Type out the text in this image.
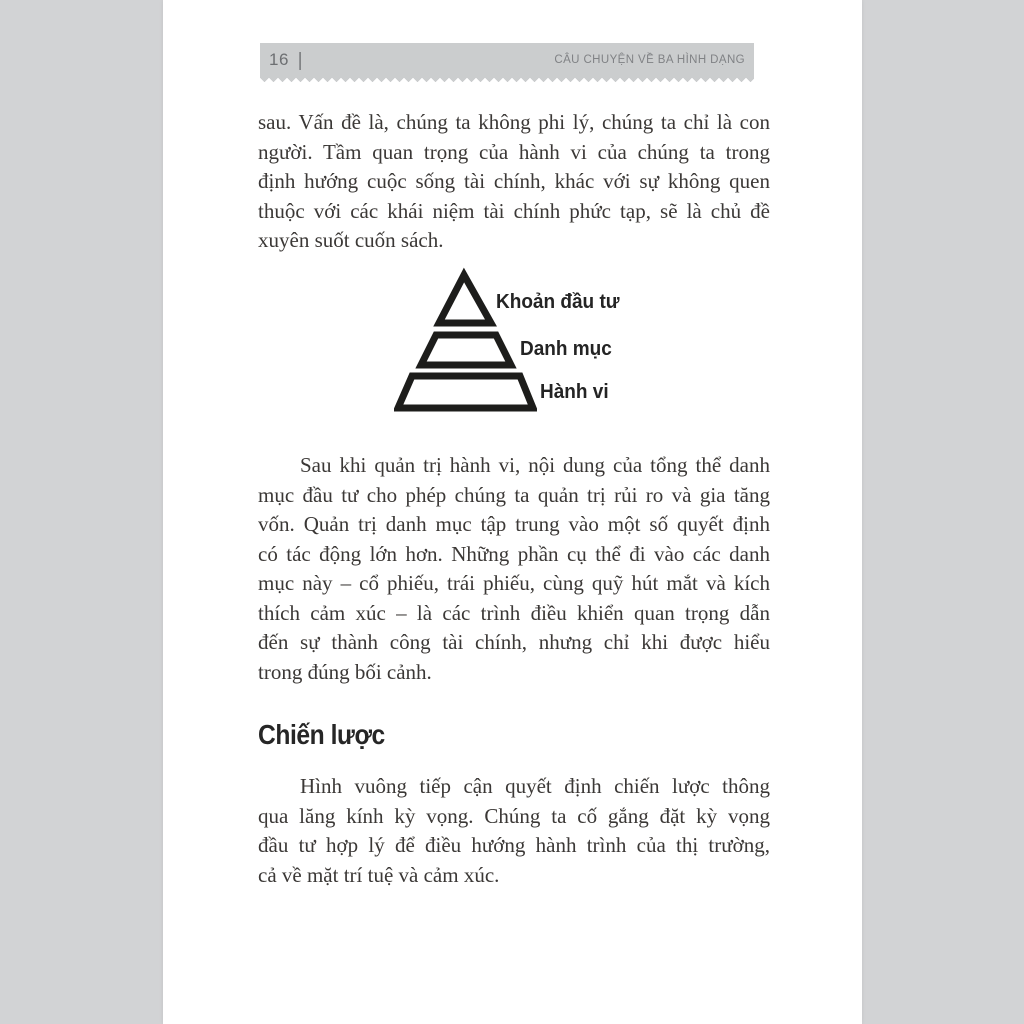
16 |	CÂU CHUYỆN VỀ BA HÌNH DẠNG
sau. Vấn đề là, chúng ta không phi lý, chúng ta chỉ là con
người. Tầm quan trọng của hành vi của chúng ta trong
định hướng cuộc sống tài chính, khác với sự không quen
thuộc với các khái niệm tài chính phức tạp, sẽ là chủ đề
xuyên suốt cuốn sách.
Khoản đầu tư
Danh mục
Hành vi
Sau khi quản trị hành vi, nội dung của tổng thể danh
mục đầu tư cho phép chúng ta quản trị rủi ro và gia tăng
vốn. Quản trị danh mục tập trung vào một số quyết định
có tác động lớn hơn. Những phần cụ thể đi vào các danh
mục này – cổ phiếu, trái phiếu, cùng quỹ hút mắt và kích
thích cảm xúc – là các trình điều khiển quan trọng dẫn
đến sự thành công tài chính, nhưng chỉ khi được hiểu
trong đúng bối cảnh.
Chiến lược
Hình vuông tiếp cận quyết định chiến lược thông
qua lăng kính kỳ vọng. Chúng ta cố gắng đặt kỳ vọng
đầu tư hợp lý để điều hướng hành trình của thị trường,
cả về mặt trí tuệ và cảm xúc.
